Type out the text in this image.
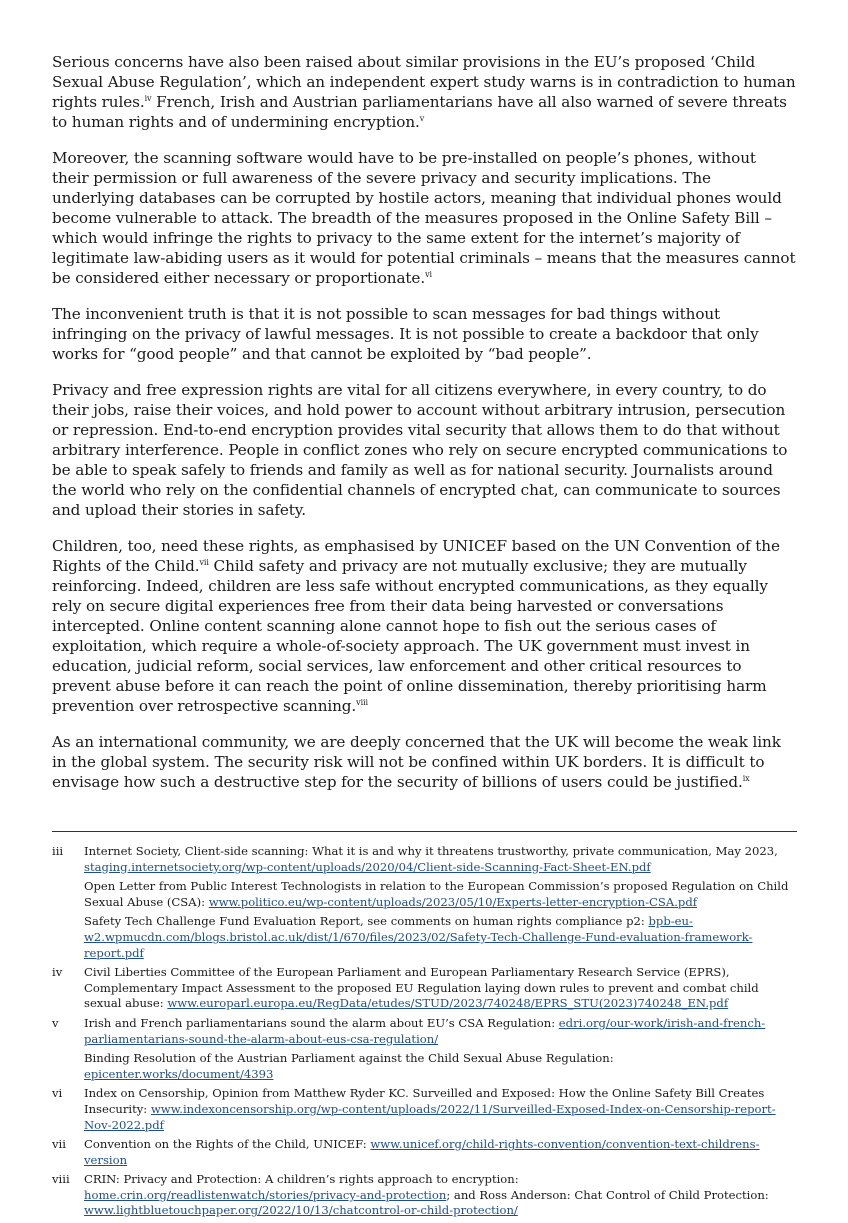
Serious concerns have also been raised about similar provisions in the EU’s proposed ‘Child Sexual Abuse Regulation’, which an independent expert study warns is in contradiction to human rights rules.$^{iv}$ French, Irish and Austrian parliamentarians have all also warned of severe threats to human rights and of undermining encryption.$^v$

Moreover, the scanning software would have to be pre-installed on people’s phones, without their permission or full awareness of the severe privacy and security implications. The underlying databases can be corrupted by hostile actors, meaning that individual phones would become vulnerable to attack. The breadth of the measures proposed in the Online Safety Bill – which would infringe the rights to privacy to the same extent for the internet’s majority of legitimate law-abiding users as it would for potential criminals – means that the measures cannot be considered either necessary or proportionate.$^{vi}$

The inconvenient truth is that it is not possible to scan messages for bad things without infringing on the privacy of lawful messages. It is not possible to create a backdoor that only works for “good people” and that cannot be exploited by “bad people”.

Privacy and free expression rights are vital for all citizens everywhere, in every country, to do their jobs, raise their voices, and hold power to account without arbitrary intrusion, persecution or repression. End-to-end encryption provides vital security that allows them to do that without arbitrary interference. People in conflict zones who rely on secure encrypted communications to be able to speak safely to friends and family as well as for national security. Journalists around the world who rely on the confidential channels of encrypted chat, can communicate to sources and upload their stories in safety.

Children, too, need these rights, as emphasised by UNICEF based on the UN Convention of the Rights of the Child.$^{vii}$ Child safety and privacy are not mutually exclusive; they are mutually reinforcing. Indeed, children are less safe without encrypted communications, as they equally rely on secure digital experiences free from their data being harvested or conversations intercepted. Online content scanning alone cannot hope to fish out the serious cases of exploitation, which require a whole-of-society approach. The UK government must invest in education, judicial reform, social services, law enforcement and other critical resources to prevent abuse before it can reach the point of online dissemination, thereby prioritising harm prevention over retrospective scanning.$^{viii}$

As an international community, we are deeply concerned that the UK will become the weak link in the global system. The security risk will not be confined within UK borders. It is difficult to envisage how such a destructive step for the security of billions of users could be justified.$^{ix}$

iii	Internet Society, Client-side scanning: What it is and why it threatens trustworthy, private communication, May 2023, staging.internetsociety.org/wp-content/uploads/2020/04/Client-side-Scanning-Fact-Sheet-EN.pdf
Open Letter from Public Interest Technologists in relation to the European Commission’s proposed Regulation on Child Sexual Abuse (CSA): www.politico.eu/wp-content/uploads/2023/05/10/Experts-letter-encryption-CSA.pdf
Safety Tech Challenge Fund Evaluation Report, see comments on human rights compliance p2: bpb-eu-w2.wpmucdn.com/blogs.bristol.ac.uk/dist/1/670/files/2023/02/Safety-Tech-Challenge-Fund-evaluation-framework-report.pdf
iv	Civil Liberties Committee of the European Parliament and European Parliamentary Research Service (EPRS), Complementary Impact Assessment to the proposed EU Regulation laying down rules to prevent and combat child sexual abuse: www.europarl.europa.eu/RegData/etudes/STUD/2023/740248/EPRS_STU(2023)740248_EN.pdf
v	Irish and French parliamentarians sound the alarm about EU’s CSA Regulation: edri.org/our-work/irish-and-french-parliamentarians-sound-the-alarm-about-eus-csa-regulation/
Binding Resolution of the Austrian Parliament against the Child Sexual Abuse Regulation: epicenter.works/document/4393
vi	Index on Censorship, Opinion from Matthew Ryder KC. Surveilled and Exposed: How the Online Safety Bill Creates Insecurity: www.indexoncensorship.org/wp-content/uploads/2022/11/Surveilled-Exposed-Index-on-Censorship-report-Nov-2022.pdf
vii	Convention on the Rights of the Child, UNICEF: www.unicef.org/child-rights-convention/convention-text-childrens-version
viii	CRIN: Privacy and Protection: A children’s rights approach to encryption: home.crin.org/readlistenwatch/stories/privacy-and-protection; and Ross Anderson: Chat Control of Child Protection: www.lightbluetouchpaper.org/2022/10/13/chatcontrol-or-child-protection/
